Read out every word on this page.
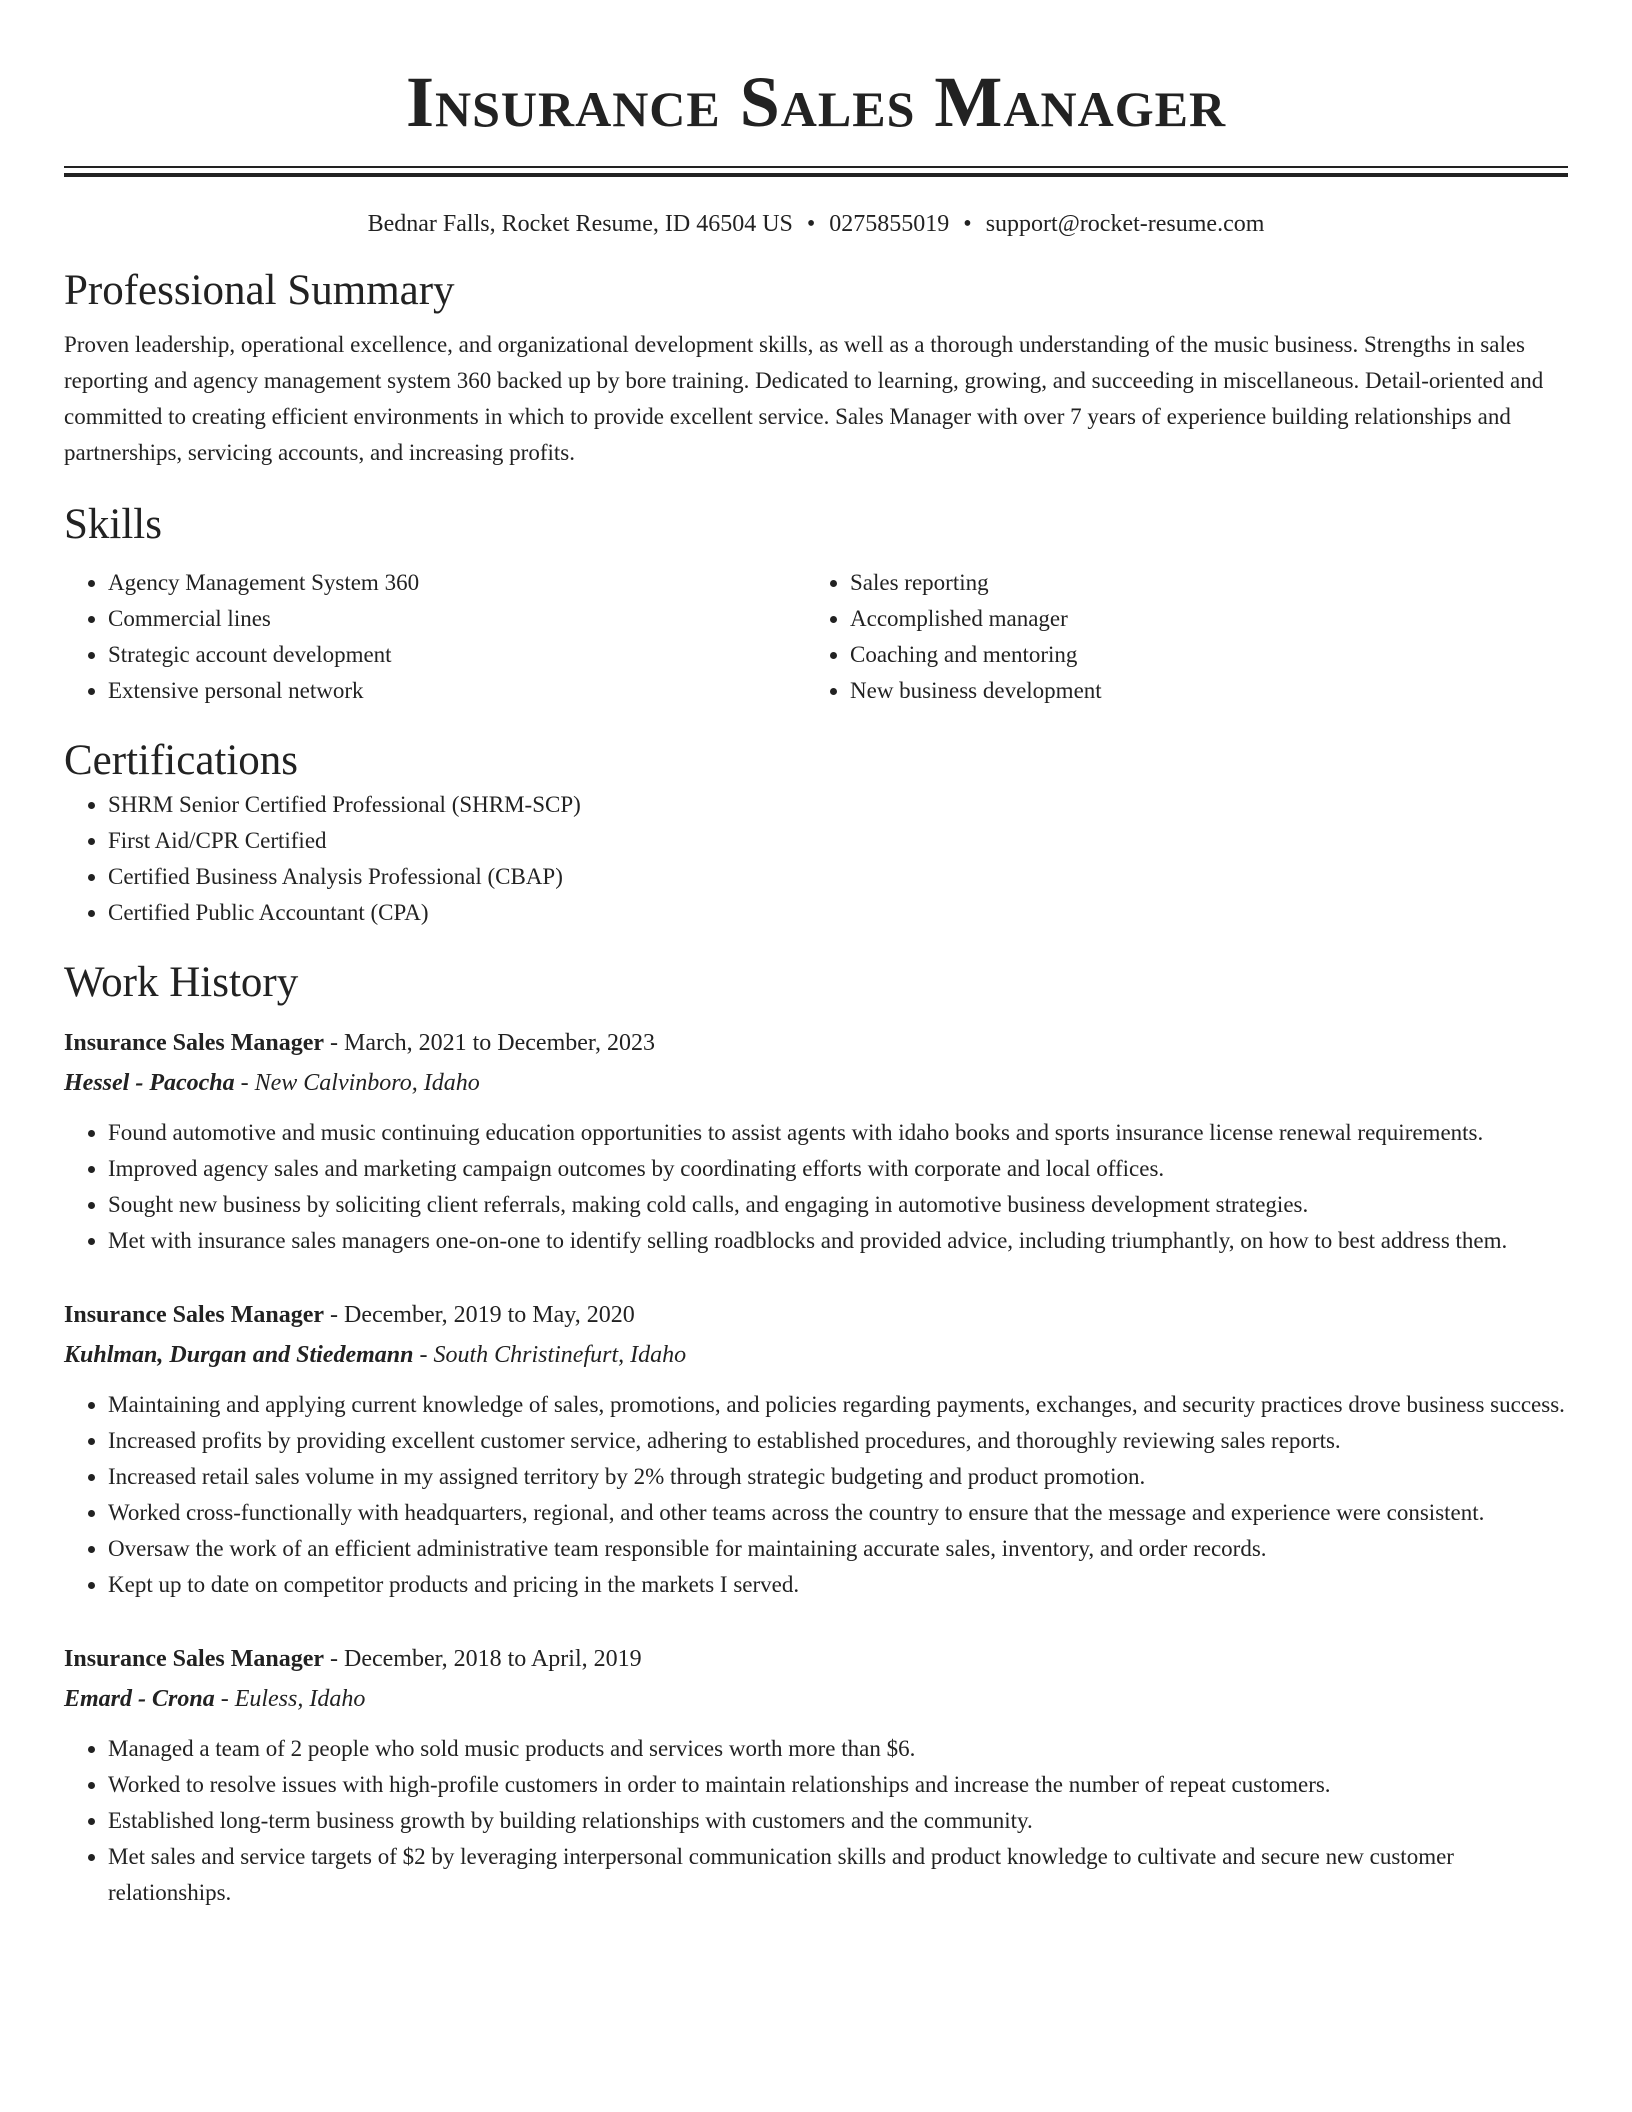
Insurance Sales Manager
Bednar Falls, Rocket Resume, ID 46504 US • 0275855019 • support@rocket-resume.com
Professional Summary

Proven leadership, operational excellence, and organizational development skills, as well as a thorough understanding of the music business. Strengths in sales reporting and agency management system 360 backed up by bore training. Dedicated to learning, growing, and succeeding in miscellaneous. Detail-oriented and committed to creating efficient environments in which to provide excellent service. Sales Manager with over 7 years of experience building relationships and partnerships, servicing accounts, and increasing profits.

Skills
• Agency Management System 360
• Commercial lines
• Strategic account development
• Extensive personal network
• Sales reporting
• Accomplished manager
• Coaching and mentoring
• New business development
Certifications
• SHRM Senior Certified Professional (SHRM-SCP)
• First Aid/CPR Certified
• Certified Business Analysis Professional (CBAP)
• Certified Public Accountant (CPA)
Work History
Insurance Sales Manager - March, 2021 to December, 2023
Hessel - Pacocha - New Calvinboro, Idaho
• Found automotive and music continuing education opportunities to assist agents with idaho books and sports insurance license renewal requirements.
• Improved agency sales and marketing campaign outcomes by coordinating efforts with corporate and local offices.
• Sought new business by soliciting client referrals, making cold calls, and engaging in automotive business development strategies.
• Met with insurance sales managers one-on-one to identify selling roadblocks and provided advice, including triumphantly, on how to best address them.
Insurance Sales Manager - December, 2019 to May, 2020
Kuhlman, Durgan and Stiedemann - South Christinefurt, Idaho
• Maintaining and applying current knowledge of sales, promotions, and policies regarding payments, exchanges, and security practices drove business success.
• Increased profits by providing excellent customer service, adhering to established procedures, and thoroughly reviewing sales reports.
• Increased retail sales volume in my assigned territory by 2% through strategic budgeting and product promotion.
• Worked cross-functionally with headquarters, regional, and other teams across the country to ensure that the message and experience were consistent.
• Oversaw the work of an efficient administrative team responsible for maintaining accurate sales, inventory, and order records.
• Kept up to date on competitor products and pricing in the markets I served.
Insurance Sales Manager - December, 2018 to April, 2019
Emard - Crona - Euless, Idaho
• Managed a team of 2 people who sold music products and services worth more than $6.
• Worked to resolve issues with high-profile customers in order to maintain relationships and increase the number of repeat customers.
• Established long-term business growth by building relationships with customers and the community.
• Met sales and service targets of $2 by leveraging interpersonal communication skills and product knowledge to cultivate and secure new customer relationships.
